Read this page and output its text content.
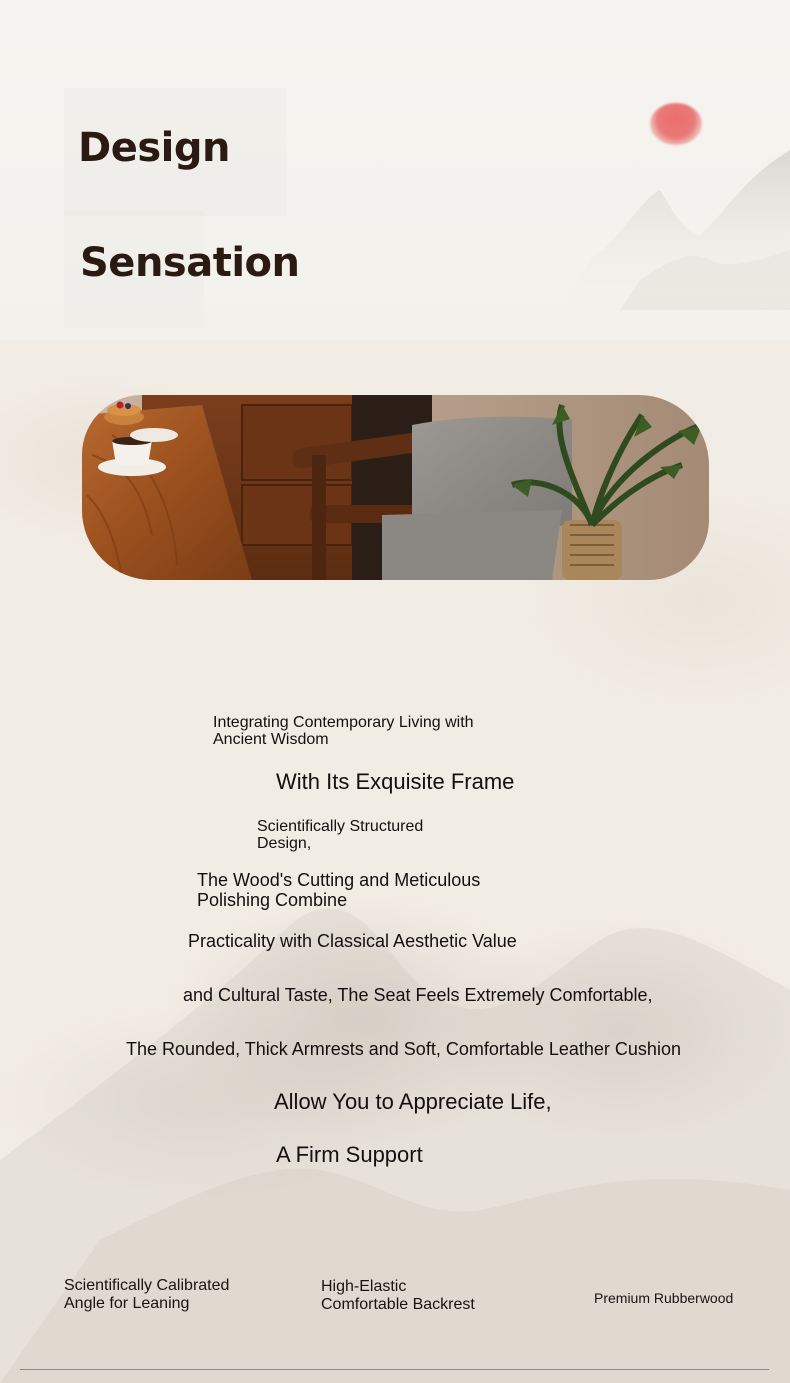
Design
Sensation

Integrating Contemporary Living with

Ancient Wisdom

With Its Exquisite Frame

Scientifically Structured

Design,

The Wood's Cutting and Meticulous

Polishing Combine

Practicality with Classical Aesthetic Value

and Cultural Taste, The Seat Feels Extremely Comfortable,

The Rounded, Thick Armrests and Soft, Comfortable Leather Cushion

Allow You to Appreciate Life,

A Firm Support

Scientifically Calibrated

Angle for Leaning

High-Elastic

Comfortable Backrest	Premium Rubberwood
